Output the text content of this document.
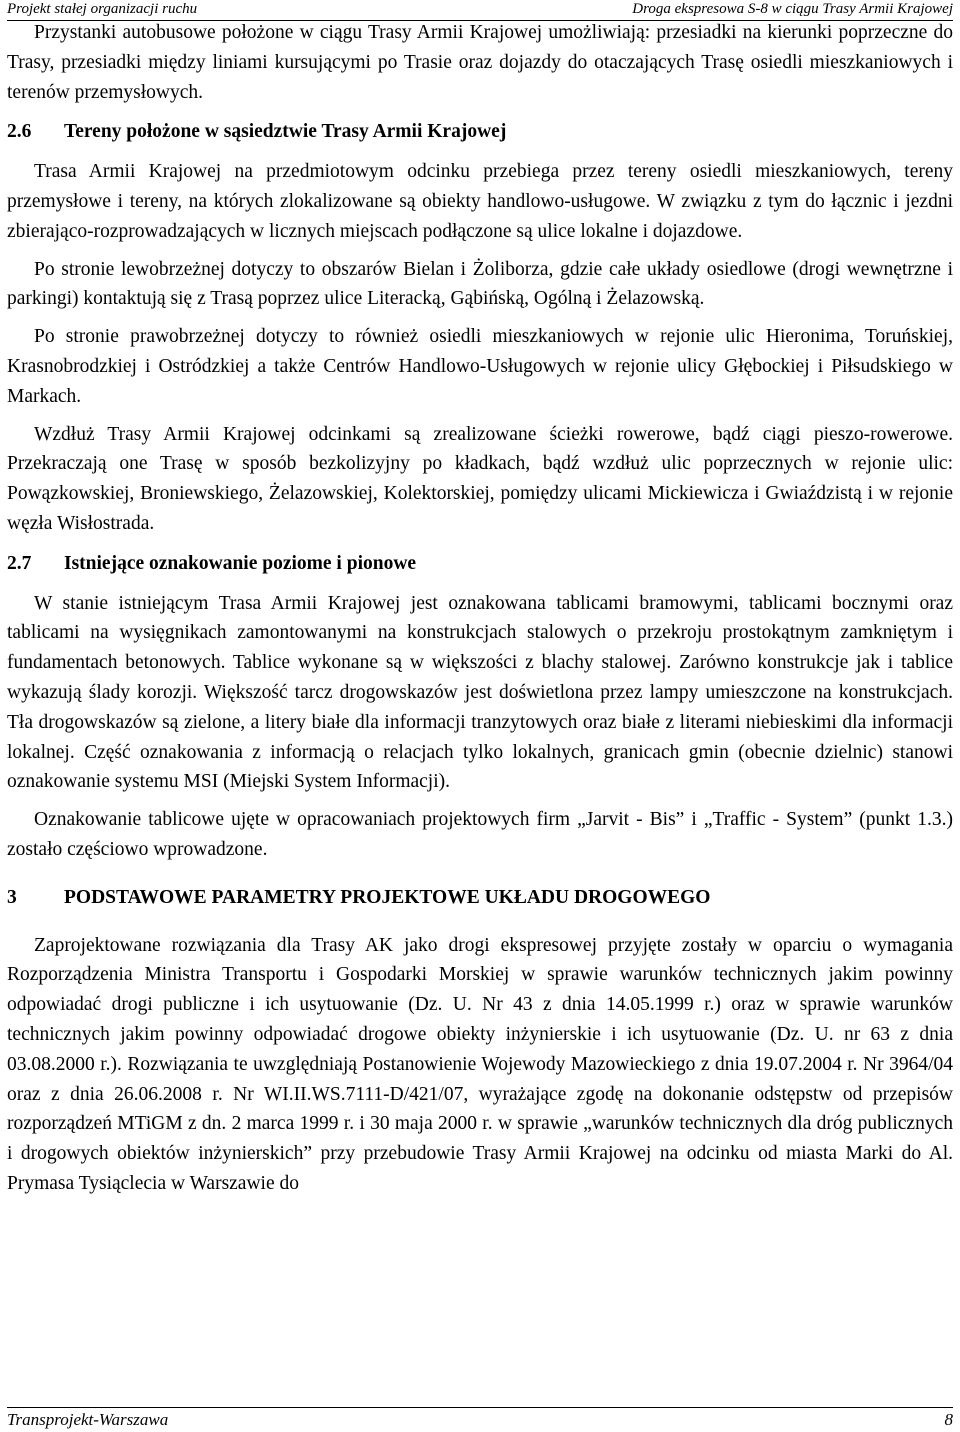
Projekt stałej organizacji ruchu	Droga ekspresowa S-8 w ciągu Trasy Armii Krajowej

Przystanki autobusowe położone w ciągu Trasy Armii Krajowej umożliwiają: przesiadki na kierunki poprzeczne do Trasy, przesiadki między liniami kursującymi po Trasie oraz dojazdy do otaczających Trasę osiedli mieszkaniowych i terenów przemysłowych.

2.6 Tereny położone w sąsiedztwie Trasy Armii Krajowej

Trasa Armii Krajowej na przedmiotowym odcinku przebiega przez tereny osiedli mieszkaniowych, tereny przemysłowe i tereny, na których zlokalizowane są obiekty handlowo-usługowe. W związku z tym do łącznic i jezdni zbierająco-rozprowadzających w licznych miejscach podłączone są ulice lokalne i dojazdowe.

Po stronie lewobrzeżnej dotyczy to obszarów Bielan i Żoliborza, gdzie całe układy osiedlowe (drogi wewnętrzne i parkingi) kontaktują się z Trasą poprzez ulice Literacką, Gąbińską, Ogólną i Żelazowską.

Po stronie prawobrzeżnej dotyczy to również osiedli mieszkaniowych w rejonie ulic Hieronima, Toruńskiej, Krasnobrodzkiej i Ostródzkiej a także Centrów Handlowo-Usługowych w rejonie ulicy Głębockiej i Piłsudskiego w Markach.

Wzdłuż Trasy Armii Krajowej odcinkami są zrealizowane ścieżki rowerowe, bądź ciągi pieszo-rowerowe. Przekraczają one Trasę w sposób bezkolizyjny po kładkach, bądź wzdłuż ulic poprzecznych w rejonie ulic: Powązkowskiej, Broniewskiego, Żelazowskiej, Kolektorskiej, pomiędzy ulicami Mickiewicza i Gwiaździstą i w rejonie węzła Wisłostrada.

2.7 Istniejące oznakowanie poziome i pionowe

W stanie istniejącym Trasa Armii Krajowej jest oznakowana tablicami bramowymi, tablicami bocznymi oraz tablicami na wysięgnikach zamontowanymi na konstrukcjach stalowych o przekroju prostokątnym zamkniętym i fundamentach betonowych. Tablice wykonane są w większości z blachy stalowej. Zarówno konstrukcje jak i tablice wykazują ślady korozji. Większość tarcz drogowskazów jest doświetlona przez lampy umieszczone na konstrukcjach. Tła drogowskazów są zielone, a litery białe dla informacji tranzytowych oraz białe z literami niebieskimi dla informacji lokalnej. Część oznakowania z informacją o relacjach tylko lokalnych, granicach gmin (obecnie dzielnic) stanowi oznakowanie systemu MSI (Miejski System Informacji).

Oznakowanie tablicowe ujęte w opracowaniach projektowych firm „Jarvit - Bis” i „Traffic - System” (punkt 1.3.) zostało częściowo wprowadzone.

3 PODSTAWOWE PARAMETRY PROJEKTOWE UKŁADU DROGOWEGO

Zaprojektowane rozwiązania dla Trasy AK jako drogi ekspresowej przyjęte zostały w oparciu o wymagania Rozporządzenia Ministra Transportu i Gospodarki Morskiej w sprawie warunków technicznych jakim powinny odpowiadać drogi publiczne i ich usytuowanie (Dz. U. Nr 43 z dnia 14.05.1999 r.) oraz w sprawie warunków technicznych jakim powinny odpowiadać drogowe obiekty inżynierskie i ich usytuowanie (Dz. U. nr 63 z dnia 03.08.2000 r.). Rozwiązania te uwzględniają Postanowienie Wojewody Mazowieckiego z dnia 19.07.2004 r. Nr 3964/04 oraz z dnia 26.06.2008 r. Nr WI.II.WS.7111-D/421/07, wyrażające zgodę na dokonanie odstępstw od przepisów rozporządzeń MTiGM z dn. 2 marca 1999 r. i 30 maja 2000 r. w sprawie „warunków technicznych dla dróg publicznych i drogowych obiektów inżynierskich” przy przebudowie Trasy Armii Krajowej na odcinku od miasta Marki do Al. Prymasa Tysiąclecia w Warszawie do

Transprojekt-Warszawa	8
